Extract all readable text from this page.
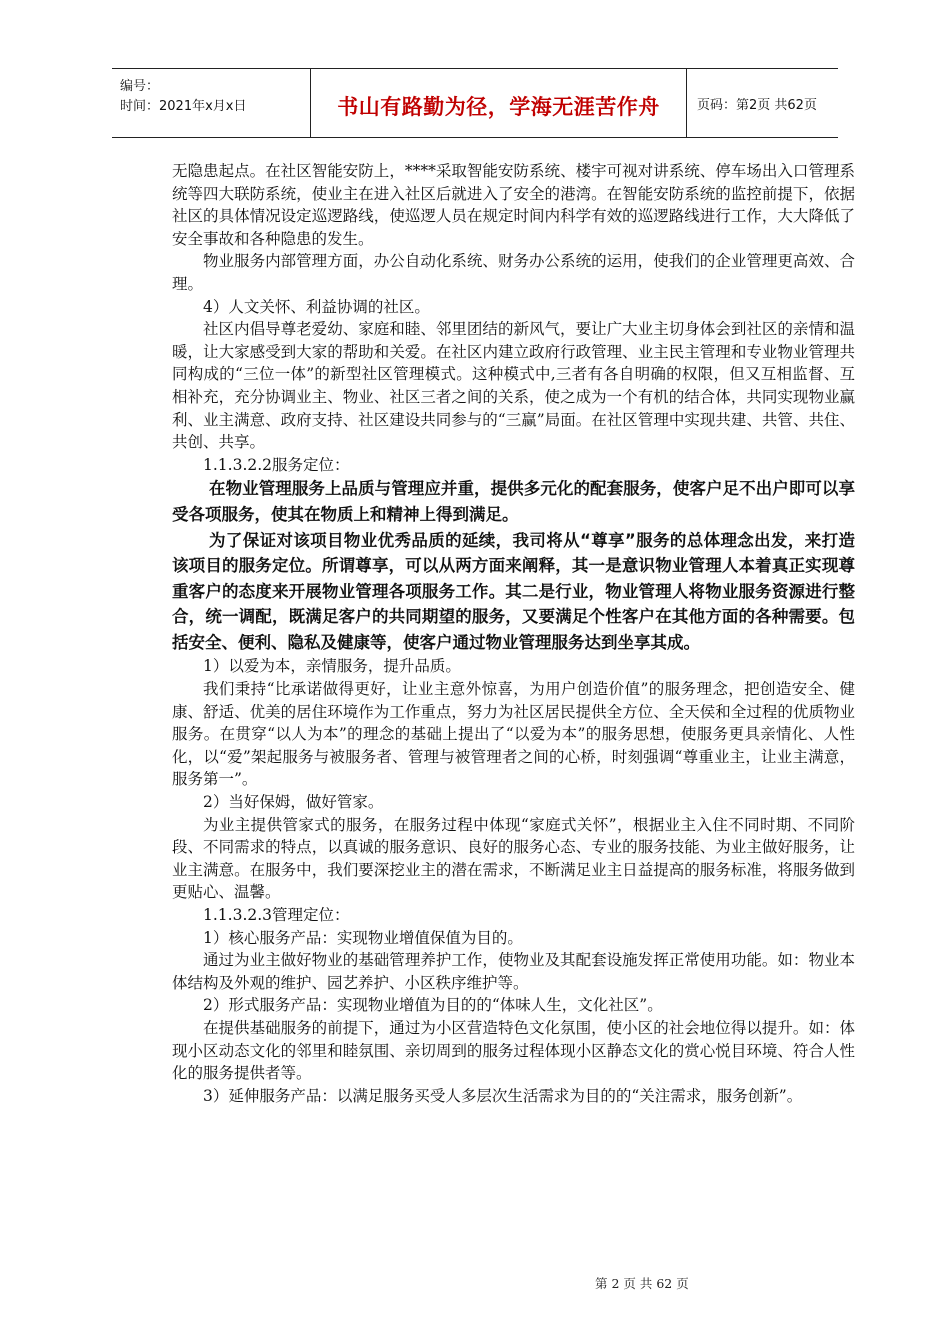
编号：
时间：2021年x月x日	书山有路勤为径，学海无涯苦作舟	页码：第2页 共62页

无隐患起点。在社区智能安防上，****采取智能安防系统、楼宇可视对讲系统、停车场出入口管理系统等四大联防系统，使业主在进入社区后就进入了安全的港湾。在智能安防系统的监控前提下，依据社区的具体情况设定巡逻路线，使巡逻人员在规定时间内科学有效的巡逻路线进行工作，大大降低了安全事故和各种隐患的发生。

物业服务内部管理方面，办公自动化系统、财务办公系统的运用，使我们的企业管理更高效、合理。

4）人文关怀、利益协调的社区。

社区内倡导尊老爱幼、家庭和睦、邻里团结的新风气，要让广大业主切身体会到社区的亲情和温暖，让大家感受到大家的帮助和关爱。在社区内建立政府行政管理、业主民主管理和专业物业管理共同构成的“三位一体”的新型社区管理模式。这种模式中,三者有各自明确的权限，但又互相监督、互相补充，充分协调业主、物业、社区三者之间的关系，使之成为一个有机的结合体，共同实现物业赢利、业主满意、政府支持、社区建设共同参与的“三赢”局面。在社区管理中实现共建、共管、共住、共创、共享。

1.1.3.2.2服务定位：

在物业管理服务上品质与管理应并重，提供多元化的配套服务，使客户足不出户即可以享受各项服务，使其在物质上和精神上得到满足。

为了保证对该项目物业优秀品质的延续，我司将从“尊享”服务的总体理念出发，来打造该项目的服务定位。所谓尊享，可以从两方面来阐释，其一是意识物业管理人本着真正实现尊重客户的态度来开展物业管理各项服务工作。其二是行业，物业管理人将物业服务资源进行整合，统一调配，既满足客户的共同期望的服务，又要满足个性客户在其他方面的各种需要。包括安全、便利、隐私及健康等，使客户通过物业管理服务达到坐享其成。

1）以爱为本，亲情服务，提升品质。

我们秉持“比承诺做得更好，让业主意外惊喜，为用户创造价值”的服务理念，把创造安全、健康、舒适、优美的居住环境作为工作重点，努力为社区居民提供全方位、全天侯和全过程的优质物业服务。在贯穿“以人为本”的理念的基础上提出了“以爱为本”的服务思想，使服务更具亲情化、人性化，以“爱”架起服务与被服务者、管理与被管理者之间的心桥，时刻强调“尊重业主，让业主满意，服务第一”。

2）当好保姆，做好管家。

为业主提供管家式的服务，在服务过程中体现“家庭式关怀”，根据业主入住不同时期、不同阶段、不同需求的特点，以真诚的服务意识、良好的服务心态、专业的服务技能、为业主做好服务，让业主满意。在服务中，我们要深挖业主的潜在需求，不断满足业主日益提高的服务标准，将服务做到更贴心、温馨。

1.1.3.2.3管理定位：

1）核心服务产品：实现物业增值保值为目的。

通过为业主做好物业的基础管理养护工作，使物业及其配套设施发挥正常使用功能。如：物业本体结构及外观的维护、园艺养护、小区秩序维护等。

2）形式服务产品：实现物业增值为目的的“体味人生，文化社区”。

在提供基础服务的前提下，通过为小区营造特色文化氛围，使小区的社会地位得以提升。如：体现小区动态文化的邻里和睦氛围、亲切周到的服务过程体现小区静态文化的赏心悦目环境、符合人性化的服务提供者等。

3）延伸服务产品：以满足服务买受人多层次生活需求为目的的“关注需求，服务创新”。

第 2 页 共 62 页
